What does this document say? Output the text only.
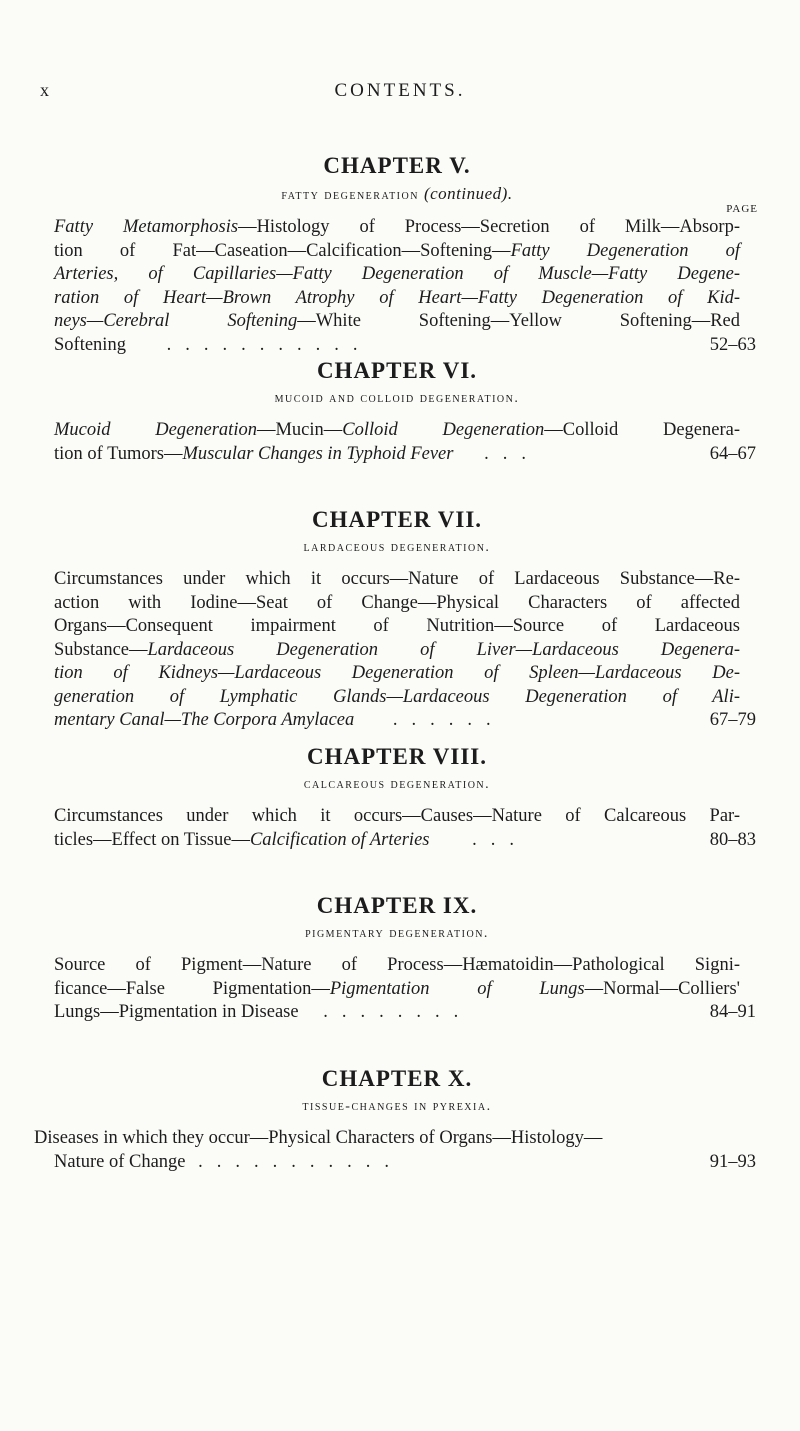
x	CONTENTS.
CHAPTER V.
fatty degeneration (continued).
PAGE
Fatty Metamorphosis—Histology of Process—Secretion of Milk—Absorp-
tion of Fat—Caseation—Calcification—Softening—Fatty Degeneration of
Arteries, of Capillaries—Fatty Degeneration of Muscle—Fatty Degene-
ration of Heart—Brown Atrophy of Heart—Fatty Degeneration of Kid-
neys—Cerebral Softening—White Softening—Yellow Softening—Red
Softening ...........	52–63
CHAPTER VI.
mucoid and colloid degeneration.
Mucoid Degeneration—Mucin—Colloid Degeneration—Colloid Degenera-
tion of Tumors—Muscular Changes in Typhoid Fever ...	64–67
CHAPTER VII.
lardaceous degeneration.
Circumstances under which it occurs—Nature of Lardaceous Substance—Re-
action with Iodine—Seat of Change—Physical Characters of affected
Organs—Consequent impairment of Nutrition—Source of Lardaceous
Substance—Lardaceous Degeneration of Liver—Lardaceous Degenera-
tion of Kidneys—Lardaceous Degeneration of Spleen—Lardaceous De-
generation of Lymphatic Glands—Lardaceous Degeneration of Ali-
mentary Canal—The Corpora Amylacea ......	67–79
CHAPTER VIII.
calcareous degeneration.
Circumstances under which it occurs—Causes—Nature of Calcareous Par-
ticles—Effect on Tissue—Calcification of Arteries ...	80–83
CHAPTER IX.
pigmentary degeneration.
Source of Pigment—Nature of Process—Hæmatoidin—Pathological Signi-
ficance—False Pigmentation—Pigmentation of Lungs—Normal—Colliers'
Lungs—Pigmentation in Disease ........	84–91
CHAPTER X.
tissue-changes in pyrexia.
Diseases in which they occur—Physical Characters of Organs—Histology—
Nature of Change ...........	91–93
